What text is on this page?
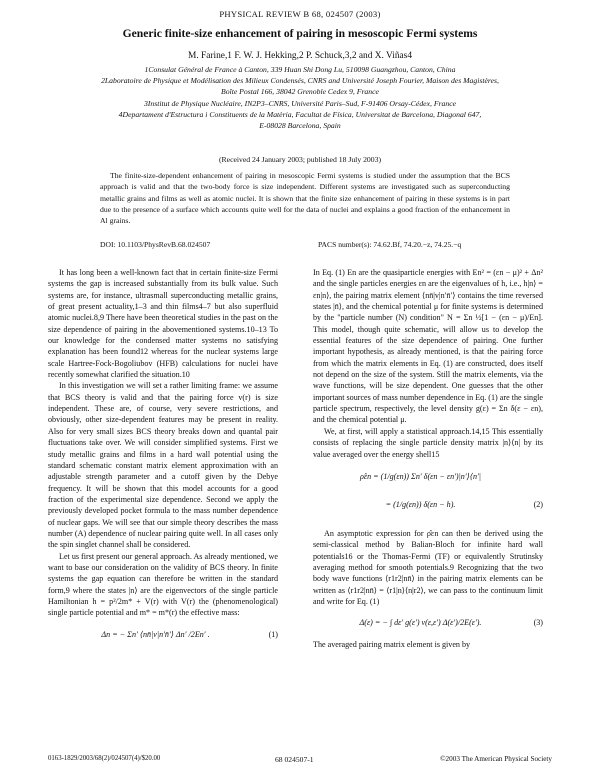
PHYSICAL REVIEW B 68, 024507 (2003)
Generic finite-size enhancement of pairing in mesoscopic Fermi systems
M. Farine,1 F. W. J. Hekking,2 P. Schuck,3,2 and X. Viñas4
1Consulat Général de France à Canton, 339 Huan Shi Dong Lu, 510098 Guangzhou, Canton, China
2Laboratoire de Physique et Modélisation des Milieux Condensés, CNRS and Université Joseph Fourier, Maison des Magistères,
Boîte Postal 166, 38042 Grenoble Cedex 9, France
3Institut de Physique Nucléaire, IN2P3–CNRS, Université Paris–Sud, F-91406 Orsay-Cédex, France
4Departament d'Estructura i Constituents de la Matèria, Facultat de Física, Universitat de Barcelona, Diagonal 647,
E-08028 Barcelona, Spain
(Received 24 January 2003; published 18 July 2003)
The finite-size-dependent enhancement of pairing in mesoscopic Fermi systems is studied under the assumption that the BCS approach is valid and that the two-body force is size independent. Different systems are investigated such as superconducting metallic grains and films as well as atomic nuclei. It is shown that the finite size enhancement of pairing in these systems is in part due to the presence of a surface which accounts quite well for the data of nuclei and explains a good fraction of the enhancement in Al grains.
DOI: 10.1103/PhysRevB.68.024507	PACS number(s): 74.62.Bf, 74.20.−z, 74.25.−q

It has long been a well-known fact that in certain finite-size Fermi systems the gap is increased substantially from its bulk value. Such systems are, for instance, ultrasmall superconducting metallic grains, of great present actuality,1–3 and thin films4–7 but also superfluid atomic nuclei.8,9 There have been theoretical studies in the past on the size dependence of pairing in the abovementioned systems.10–13 To our knowledge for the condensed matter systems no satisfying explanation has been found12 whereas for the nuclear systems large scale Hartree-Fock-Bogoliubov (HFB) calculations for nuclei have recently somewhat clarified the situation.10

In this investigation we will set a rather limiting frame: we assume that BCS theory is valid and that the pairing force v(r) is size independent. These are, of course, very severe restrictions, and obviously, other size-dependent features may be present in reality. Also for very small sizes BCS theory breaks down and quantal pair fluctuations take over. We will consider simplified systems. First we study metallic grains and films in a hard wall potential using the standard schematic constant matrix element approximation with an adjustable strength parameter and a cutoff given by the Debye frequency. It will be shown that this model accounts for a good fraction of the experimental size dependence. Second we apply the previously developed pocket formula to the mass number dependence of nuclear gaps. We will see that our simple theory describes the mass number (A) dependence of nuclear pairing quite well. In all cases only the spin singlet channel shall be considered.

Let us first present our general approach. As already mentioned, we want to base our consideration on the validity of BCS theory. In finite systems the gap equation can therefore be written in the standard form,9 where the states |n⟩ are the eigenvectors of the single particle Hamiltonian h = p²/2m* + V(r) with V(r) the (phenomenological) single particle potential and m* = m*(r) the effective mass:

Δn = − Σn′ ⟨nn̄|v|n′n̄′⟩ Δn′ /2En′ .	(1)

In Eq. (1) En are the quasiparticle energies with En² = (εn − μ)² + Δn² and the single particles energies εn are the eigenvalues of h, i.e., h|n⟩ = εn|n⟩, the pairing matrix element ⟨nn̄|v|n′n̄′⟩ contains the time reversed states |n̄⟩, and the chemical potential μ for finite systems is determined by the "particle number (N) condition" N = Σn ½[1 − (εn − μ)/En]. This model, though quite schematic, will allow us to develop the essential features of the size dependence of pairing. One further important hypothesis, as already mentioned, is that the pairing force from which the matrix elements in Eq. (1) are constructed, does itself not depend on the size of the system. Still the matrix elements, via the wave functions, will be size dependent. One guesses that the other important sources of mass number dependence in Eq. (1) are the single particle spectrum, respectively, the level density g(ε) = Σn δ(ε − εn), and the chemical potential μ.

We, at first, will apply a statistical approach.14,15 This essentially consists of replacing the single particle density matrix |n⟩⟨n| by its value averaged over the energy shell15

ρ̂εn = (1/g(εn)) Σn′ δ(εn − εn′)|n′⟩⟨n′|
= (1/g(εn)) δ(εn − h).	(2)

An asymptotic expression for ρ̂εn can then be derived using the semi-classical method by Balian-Bloch for infinite hard wall potentials16 or the Thomas-Fermi (TF) or equivalently Strutinsky averaging method for smooth potentials.9 Recognizing that the two body wave functions ⟨r1r2|nn̄⟩ in the pairing matrix elements can be written as ⟨r1r2|nn̄⟩ = ⟨r1|n⟩⟨n|r2⟩, we can pass to the continuum limit and write for Eq. (1)

Δ(ε) = − ∫ dε′ g(ε′) v(ε,ε′) Δ(ε′)/2E(ε′).	(3)

The averaged pairing matrix element is given by

0163-1829/2003/68(2)/024507(4)/$20.00	68 024507-1	©2003 The American Physical Society
